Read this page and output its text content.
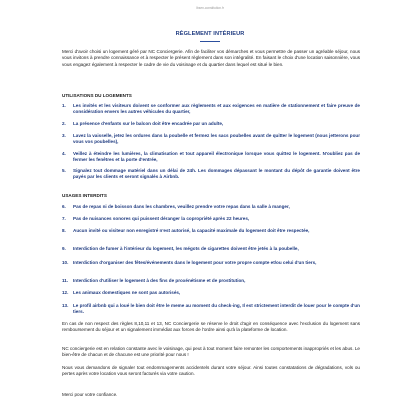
Ibsen-constitution.fr
RÈGLEMENT INTÉRIEUR
Merci d'avoir choisi un logement géré par NC Conciergerie. Afin de faciliter vos démarches et vous permettre de passer un agréable séjour, nous vous invitons à prendre connaissance et à respecter le présent règlement dans son intégralité. En faisant le choix d'une location saisonnière, vous vous engagez également à respecter le cadre de vie du voisinage et du quartier dans lequel est situé le bien.
UTILISATIONS DU LOGEMENTS
1.	Les invités et les visiteurs doivent se conformer aux règlements et aux exigences en matière de stationnement et faire preuve de considération envers les autres véhicules du quartier,
2.	La présence d'enfants sur le balcon doit être encadrée par un adulte,
3.	Lavez la vaisselle, jetez les ordures dans la poubelle et fermez les sacs poubelles avant de quitter le logement (nous jetterons pour vous vos poubelles),
4.	Veillez à éteindre les lumières, la climatisation et tout appareil électronique lorsque vous quittez le logement. N'oubliez pas de fermer les fenêtres et la porte d'entrée,
5.	Signalez tout dommage matériel dans un délai de 24h. Les dommages dépassant le montant du dépôt de garantie doivent être payés par les clients et seront signalés à Airbnb.
USAGES INTERDITS
6.	Pas de repas ni de boisson dans les chambres, veuillez prendre votre repas dans la salle à manger,
7.	Pas de nuisances sonores qui puissent déranger la copropriété après 22 heures,
8.	Aucun invité ou visiteur non enregistré n'est autorisé, la capacité maximale du logement doit être respectée,
9.	Interdiction de fumer à l'intérieur du logement, les mégots de cigarettes doivent être jetés à la poubelle,
10.	Interdiction d'organiser des fêtes/événements dans le logement pour votre propre compte et/ou celui d'un tiers,
11.	Interdiction d'utiliser le logement à des fins de proxénétisme et de prostitution,
12.	Les animaux domestiques ne sont pas autorisés,
13.	Le profil airbnb qui a loué le bien doit être le meme au moment du check-ing, Il est strictement interdit de louer pour le compte d'un tiers.
En cas de non respect des règles 8,10,11 et 13, NC Conciergerie se réserve le droit d'agir en conséquence avec l'exclusion du logement sans remboursement du séjour et un signalement immédiat aux forces de l'ordre ainsi qu'à la plateforme de location.
NC conciergerie est en relation constante avec le voisinage, qui peut à tout moment faire remonter les comportements inappropriés et les abus. Le bien-être de chacun et de chacune est une priorité pour nous !
Nous vous demandons de signaler tout endommagements accidentels durant votre séjour. Ainsi toutes constatations de dégradations, vols ou pertes après votre location vous seront facturés via votre caution.
Merci pour votre confiance.
